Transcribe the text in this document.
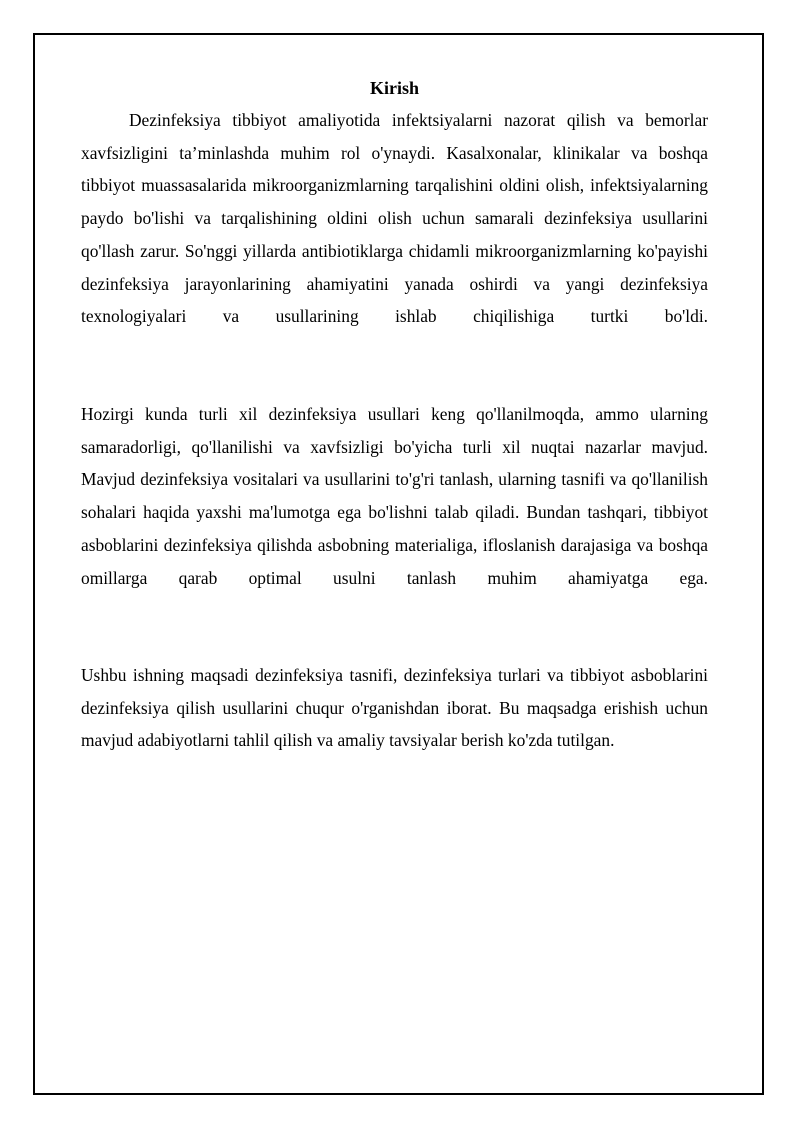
Kirish

Dezinfeksiya tibbiyot amaliyotida infektsiyalarni nazorat qilish va bemorlar xavfsizligini ta’minlashda muhim rol o'ynaydi. Kasalxonalar, klinikalar va boshqa tibbiyot muassasalarida mikroorganizmlarning tarqalishini oldini olish, infektsiyalarning paydo bo'lishi va tarqalishining oldini olish uchun samarali dezinfeksiya usullarini qo'llash zarur. So'nggi yillarda antibiotiklarga chidamli mikroorganizmlarning ko'payishi dezinfeksiya jarayonlarining ahamiyatini yanada oshirdi va yangi dezinfeksiya texnologiyalari va usullarining ishlab chiqilishiga turtki bo'ldi.

Hozirgi kunda turli xil dezinfeksiya usullari keng qo'llanilmoqda, ammo ularning samaradorligi, qo'llanilishi va xavfsizligi bo'yicha turli xil nuqtai nazarlar mavjud. Mavjud dezinfeksiya vositalari va usullarini to'g'ri tanlash, ularning tasnifi va qo'llanilish sohalari haqida yaxshi ma'lumotga ega bo'lishni talab qiladi. Bundan tashqari, tibbiyot asboblarini dezinfeksiya qilishda asbobning materialiga, ifloslanish darajasiga va boshqa omillarga qarab optimal usulni tanlash muhim ahamiyatga ega.

Ushbu ishning maqsadi dezinfeksiya tasnifi, dezinfeksiya turlari va tibbiyot asboblarini dezinfeksiya qilish usullarini chuqur o'rganishdan iborat. Bu maqsadga erishish uchun mavjud adabiyotlarni tahlil qilish va amaliy tavsiyalar berish ko'zda tutilgan.
